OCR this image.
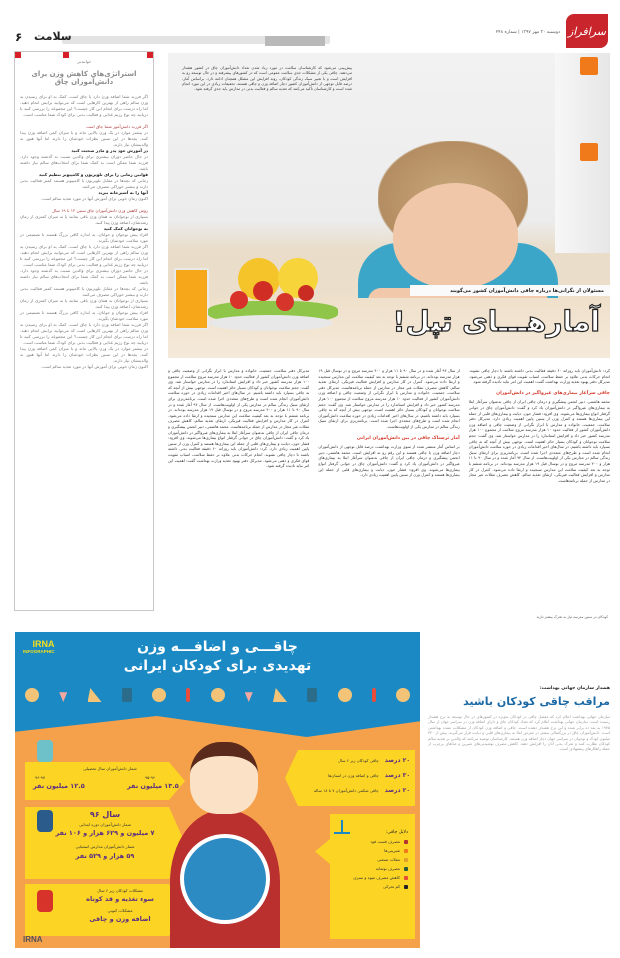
سرافراز
دوشنبه ۳۰ مهر ۱۳۹۷ | شماره ۲۴۸
سلامت
۶
خوانندنی
استراتژی‌های کاهش وزن برای دانش‌آموزان چاق

اگر فرزند شما اضافه وزن دارد یا چاق است، کمک به او برای رسیدن به وزن سالم راهی از بهترین کارهایی است که می‌توانید برایش انجام دهید. اما راه درست برای انجام این کار چیست؟ این مجموعه را بررسی کنید تا دریابید چه نوع رژیم غذایی و فعالیت بدنی برای کودک شما مناسب است.

اگر فرزند دانش‌آموز شما چاق است

در بیشتر موارد در یک وزن بالایی ماند و با میزان کمی اضافه وزن پیدا کنند. بچه‌ها در این سنین نظرات خودشان را دارند اما آنها هنوز به والدینشان نیاز دارند.

در آموزش خود پدر و مادر صحبت کنید

در حال حاضر دوران بیشتری برای والدین نسبت به گذشته وجود دارد. فرزند شما ممکن است به کمک شما برای انتخاب‌های سالم نیاز داشته باشد.

قوانین زمانی را برای تلویزیون و کامپیوتر تنظیم کنید

زمانی که بچه‌ها در مقابل تلویزیون یا کامپیوتر هستند کمتر فعالیت بدنی دارند و بیشتر خوراکی مصرف می‌کنند.

آنها را به آشپزخانه ببرید

اکنون زمان خوبی برای آموزش آنها در مورد تغذیه سالم است.

روش کاهش وزن دانش‌آموزان چاق سنین ۱۲ تا ۱۹ سال

بسیاری از نوجوانان به همان وزن باقی بمانند یا به میزان کمتری از زمان رشدشان، اضافه وزن پیدا کنند.

به نوجوانان کمک کنید

افراد پیش نوجوان و جوانان، به اندازه کافی بزرگ هستند تا تصمیمی در مورد سلامت خودشان بگیرند.

اگر فرزند شما اضافه وزن دارد یا چاق است، کمک به او برای رسیدن به وزن سالم راهی از بهترین کارهایی است که می‌توانید برایش انجام دهید. اما راه درست برای انجام این کار چیست؟ این مجموعه را بررسی کنید تا دریابید چه نوع رژیم غذایی و فعالیت بدنی برای کودک شما مناسب است.

در حال حاضر دوران بیشتری برای والدین نسبت به گذشته وجود دارد. فرزند شما ممکن است به کمک شما برای انتخاب‌های سالم نیاز داشته باشد.

زمانی که بچه‌ها در مقابل تلویزیون یا کامپیوتر هستند کمتر فعالیت بدنی دارند و بیشتر خوراکی مصرف می‌کنند.

بسیاری از نوجوانان به همان وزن باقی بمانند یا به میزان کمتری از زمان رشدشان، اضافه وزن پیدا کنند.

افراد پیش نوجوان و جوانان، به اندازه کافی بزرگ هستند تا تصمیمی در مورد سلامت خودشان بگیرند.

اگر فرزند شما اضافه وزن دارد یا چاق است، کمک به او برای رسیدن به وزن سالم راهی از بهترین کارهایی است که می‌توانید برایش انجام دهید. اما راه درست برای انجام این کار چیست؟ این مجموعه را بررسی کنید تا دریابید چه نوع رژیم غذایی و فعالیت بدنی برای کودک شما مناسب است.

در بیشتر موارد در یک وزن بالایی ماند و با میزان کمی اضافه وزن پیدا کنند. بچه‌ها در این سنین نظرات خودشان را دارند اما آنها هنوز به والدینشان نیاز دارند.

اکنون زمان خوبی برای آموزش آنها در مورد تغذیه سالم است.

پیش‌بینی می‌شود که کارشناسان سلامت در مورد زیاد شدن تعداد دانش‌آموزان چاق در کشور هشدار می‌دهند. چاقی یکی از مشکلات جدی سلامت عمومی است که در کشورهای پیشرفته و در حال توسعه رو به افزایش است و با تغییر سبک زندگی کودکان، روند افزایش این مشکل همچنان ادامه دارد. براساس آمار، درصد قابل توجهی از دانش‌آموزان کشور دچار اضافه وزن و چاقی هستند. تحقیقات زیادی در این مورد انجام شده است و کارشناسان تأکید می‌کنند که تغذیه سالم و فعالیت بدنی در مدارس باید جدی گرفته شود.
مسئولان از نگرانی‌ها درباره چاقی دانش‌آموزان کشور می‌گویند
آمارهـــای تپل!
کرد: دانش‌آموزان باید روزانه ۶۰ دقیقه فعالیت بدنی داشته باشند تا دچار چاقی نشوند. انجام حرکات بدنی علاوه بر حفظ سلامت، اسباب تقویت قوای فکری و ذهنی می‌شود. مدیرکل دفتر بهبود تغذیه وزارت بهداشت گفت: اهمیت این امر نباید نادیده گرفته شود.
چاقی سرآغاز بیماری‌های غیرواگیر در دانش‌آموزان
محمد هاشمی، دبیر انجمن پیشگیری و درمان چاقی ایران از چاقی به‌عنوان سرآغاز ابتلا به بیماری‌های غیرواگیر در دانش‌آموزان یاد کرد و گفت: دانش‌آموزان چاق در جوانی گرفتار انواع بیماری‌ها می‌شوند. وی افزود: فشار خون، دیابت و بیماری‌های قلبی از جمله این بیماری‌ها هستند و کنترل وزن از سنین پایین اهمیت زیادی دارد. مدیرکل دفتر سلامت، جمعیت، خانواده و مدارس با ابراز نگرانی از وضعیت چاقی و اضافه وزن دانش‌آموزان کشور از فعالیت حدود ۱۰ هزار مدرسه مروج سلامت از مجموع ۱۰۰ هزار مدرسه کشور خبر داد و افزایش استاندارد را در مدارس خواستار شد. وی گفت: حجم سلامت نوجوانان و کودکان بسیار حائز اهمیت است. توجهی بیش از آنچه که به چاقی بسپارد باید داشته باشیم. در سال‌های اخیر اقدامات زیادی در حوزه سلامت دانش‌آموزان انجام شده است و طرح‌های متعددی اجرا شده است. برنامه‌ریزی برای ارتقای سبک زندگی سالم در مدارس یکی از اولویت‌هاست. از سال ۹۴ آغاز شده و در سال ۹۰ تا ۱۱ هزار و ۴۰۰ مدرسه مروج و در نوسال قبل ۱۹ هزار مدرسه بوده‌اند. در برنامه ششم با توجه به بعد کیفیت سلامت این مدارس سنجیده و ارتقا داده می‌شود. کنترل در کار مدارس و افزایش فعالیت فیزیکی، ارتقای تغذیه سالم، کاهش مصرف تنقلات غیر مجاز در مدارس از جمله برنامه‌هاست.
از سال ۹۴ آغاز شده و در سال ۹۰ تا ۱۱ هزار و ۴۰۰ مدرسه مروج و در نوسال قبل ۱۹ هزار مدرسه بوده‌اند. در برنامه ششم با توجه به بعد کیفیت سلامت این مدارس سنجیده و ارتقا داده می‌شود. کنترل در کار مدارس و افزایش فعالیت فیزیکی، ارتقای تغذیه سالم، کاهش مصرف تنقلات غیر مجاز در مدارس از جمله برنامه‌هاست. مدیرکل دفتر سلامت، جمعیت، خانواده و مدارس با ابراز نگرانی از وضعیت چاقی و اضافه وزن دانش‌آموزان کشور از فعالیت حدود ۱۰ هزار مدرسه مروج سلامت از مجموع ۱۰۰ هزار مدرسه کشور خبر داد و افزایش استاندارد را در مدارس خواستار شد. وی گفت: حجم سلامت نوجوانان و کودکان بسیار حائز اهمیت است. توجهی بیش از آنچه که به چاقی بسپارد باید داشته باشیم. در سال‌های اخیر اقدامات زیادی در حوزه سلامت دانش‌آموزان انجام شده است و طرح‌های متعددی اجرا شده است. برنامه‌ریزی برای ارتقای سبک زندگی سالم در مدارس یکی از اولویت‌هاست.
آمار ترسناک چاقی در بین دانش‌آموزان ایرانی
بر اساس آمار منتشر شده از سوی وزارت بهداشت، درصد قابل توجهی از دانش‌آموزان دچار اضافه وزن یا چاقی هستند و این رقم رو به افزایش است. محمد هاشمی، دبیر انجمن پیشگیری و درمان چاقی ایران از چاقی به‌عنوان سرآغاز ابتلا به بیماری‌های غیرواگیر در دانش‌آموزان یاد کرد و گفت: دانش‌آموزان چاق در جوانی گرفتار انواع بیماری‌ها می‌شوند. وی افزود: فشار خون، دیابت و بیماری‌های قلبی از جمله این بیماری‌ها هستند و کنترل وزن از سنین پایین اهمیت زیادی دارد.
مدیرکل دفتر سلامت، جمعیت، خانواده و مدارس با ابراز نگرانی از وضعیت چاقی و اضافه وزن دانش‌آموزان کشور از فعالیت حدود ۱۰ هزار مدرسه مروج سلامت از مجموع ۱۰۰ هزار مدرسه کشور خبر داد و افزایش استاندارد را در مدارس خواستار شد. وی گفت: حجم سلامت نوجوانان و کودکان بسیار حائز اهمیت است. توجهی بیش از آنچه که به چاقی بسپارد باید داشته باشیم. در سال‌های اخیر اقدامات زیادی در حوزه سلامت دانش‌آموزان انجام شده است و طرح‌های متعددی اجرا شده است. برنامه‌ریزی برای ارتقای سبک زندگی سالم در مدارس یکی از اولویت‌هاست. از سال ۹۴ آغاز شده و در سال ۹۰ تا ۱۱ هزار و ۴۰۰ مدرسه مروج و در نوسال قبل ۱۹ هزار مدرسه بوده‌اند. در برنامه ششم با توجه به بعد کیفیت سلامت این مدارس سنجیده و ارتقا داده می‌شود. کنترل در کار مدارس و افزایش فعالیت فیزیکی، ارتقای تغذیه سالم، کاهش مصرف تنقلات غیر مجاز در مدارس از جمله برنامه‌هاست. محمد هاشمی، دبیر انجمن پیشگیری و درمان چاقی ایران از چاقی به‌عنوان سرآغاز ابتلا به بیماری‌های غیرواگیر در دانش‌آموزان یاد کرد و گفت: دانش‌آموزان چاق در جوانی گرفتار انواع بیماری‌ها می‌شوند. وی افزود: فشار خون، دیابت و بیماری‌های قلبی از جمله این بیماری‌ها هستند و کنترل وزن از سنین پایین اهمیت زیادی دارد. کرد: دانش‌آموزان باید روزانه ۶۰ دقیقه فعالیت بدنی داشته باشند تا دچار چاقی نشوند. انجام حرکات بدنی علاوه بر حفظ سلامت، اسباب تقویت قوای فکری و ذهنی می‌شود. مدیرکل دفتر بهبود تغذیه وزارت بهداشت گفت: اهمیت این امر نباید نادیده گرفته شود.
کودکان در سنین مدرسه نیاز به تحرک بیشتر دارند
IRNA
INFOGRAPHIC	چاقـــی و اضافـــه وزن
تهدیدی برای کودکان ایرانی
شمار دانش‌آموزان سال تحصیلی
۹۵-۹۶
۱۳.۵ میلیون نفر
۹۶-۹۷
۱۲.۵ میلیون نفر
سال ۹۶
شمار دانش‌آموزان دوره ابتدایی
۷ میلیون و ۶۲۹ هزار و ۱۰۶ نفر
شمار دانش‌آموزان مدارس استثنایی
۵۹ هزار و ۵۲۹ نفر
مشکلات کودکان زیر ۶ سال
سوء تغذیه و قد کوتاه
مشکلات کنونی
اضافه وزن و چاقی
۲۰ درصد
چاقی کودکان زیر ۶ سال
۳۰ درصد
چاقی و اضافه وزن در استان‌ها
۲۰ درصد
چاقی شکمی دانش‌آموزان ۷ تا ۱۸ ساله
دلایل چاقی:
مصرف فست فود
شیرینی‌ها
تنقلات صنعتی
مصرف نوشابه
کاهش مصرف میوه و سبزی
کم تحرکی
IRNA
هشدار سازمان جهانی بهداشت:
مراقب چاقی کودکان باشید
سازمان جهانی بهداشت اعلام کرد که معضل چاقی در کودکان به‌ویژه در کشورهای در حال توسعه به نرخ هشدار رسیده است. سازمان جهانی بهداشت اعلام کرد که تعداد کودکان چاق و دارای اضافه وزن در سراسر جهان از سال ۱۹۷۵ به بعد ده برابر شده و این نرخ هشدار دهنده است. چاقی و اضافه وزن کودکان از مشکلات عمده بهداشتی است. دانش‌آموزان چاق در بزرگسالی بیشتر در معرض ابتلا به بیماری‌های قلبی و دیابت قرار می‌گیرند. بیش از ۳۴۰ میلیون کودک و نوجوان در سراسر جهان دچار اضافه وزن هستند. کارشناسان توصیه می‌کنند که والدین بر تغذیه سالم کودکان نظارت کنند و تحرک بدنی آنان را افزایش دهند. کاهش مصرف نوشیدنی‌های شیرین و غذاهای پرچرب از جمله راهکارهای پیشنهادی است.
